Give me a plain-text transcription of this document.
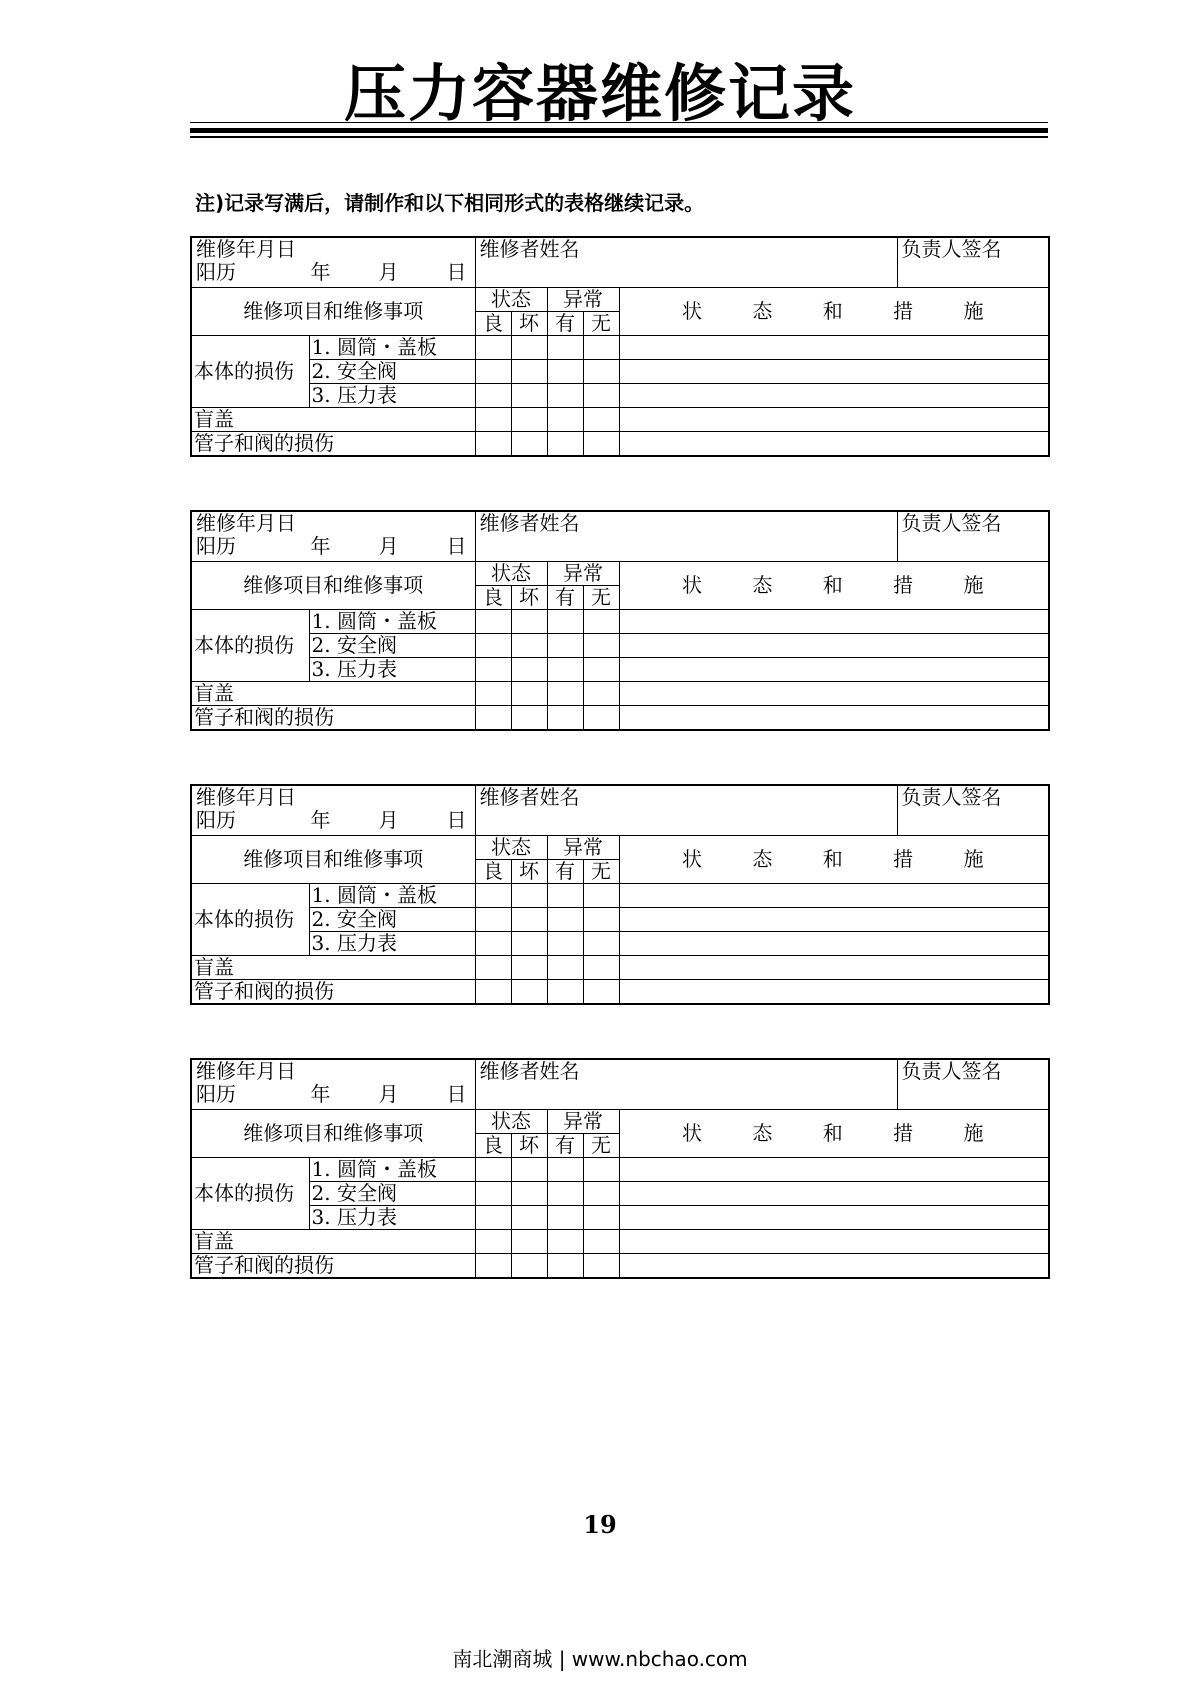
压力容器维修记录
注)记录写满后，请制作和以下相同形式的表格继续记录。
维修年月日
阳历 年 月 日		维修者姓名					负责人签名
维修项目和维修事项		状态		异常		状 态 和 措 施	
		良	坏	有	无		
本体的损伤	1. 圆筒・盖板						
	2. 安全阀						
	3. 压力表						
盲盖							
管子和阀的损伤							
维修年月日
阳历 年 月 日		维修者姓名					负责人签名
维修项目和维修事项		状态		异常		状 态 和 措 施	
		良	坏	有	无		
本体的损伤	1. 圆筒・盖板						
	2. 安全阀						
	3. 压力表						
盲盖							
管子和阀的损伤							
维修年月日
阳历 年 月 日		维修者姓名					负责人签名
维修项目和维修事项		状态		异常		状 态 和 措 施	
		良	坏	有	无		
本体的损伤	1. 圆筒・盖板						
	2. 安全阀						
	3. 压力表						
盲盖							
管子和阀的损伤							
维修年月日
阳历 年 月 日		维修者姓名					负责人签名
维修项目和维修事项		状态		异常		状 态 和 措 施	
		良	坏	有	无		
本体的损伤	1. 圆筒・盖板						
	2. 安全阀						
	3. 压力表						
盲盖							
管子和阀的损伤							
19
南北潮商城 | www.nbchao.com
